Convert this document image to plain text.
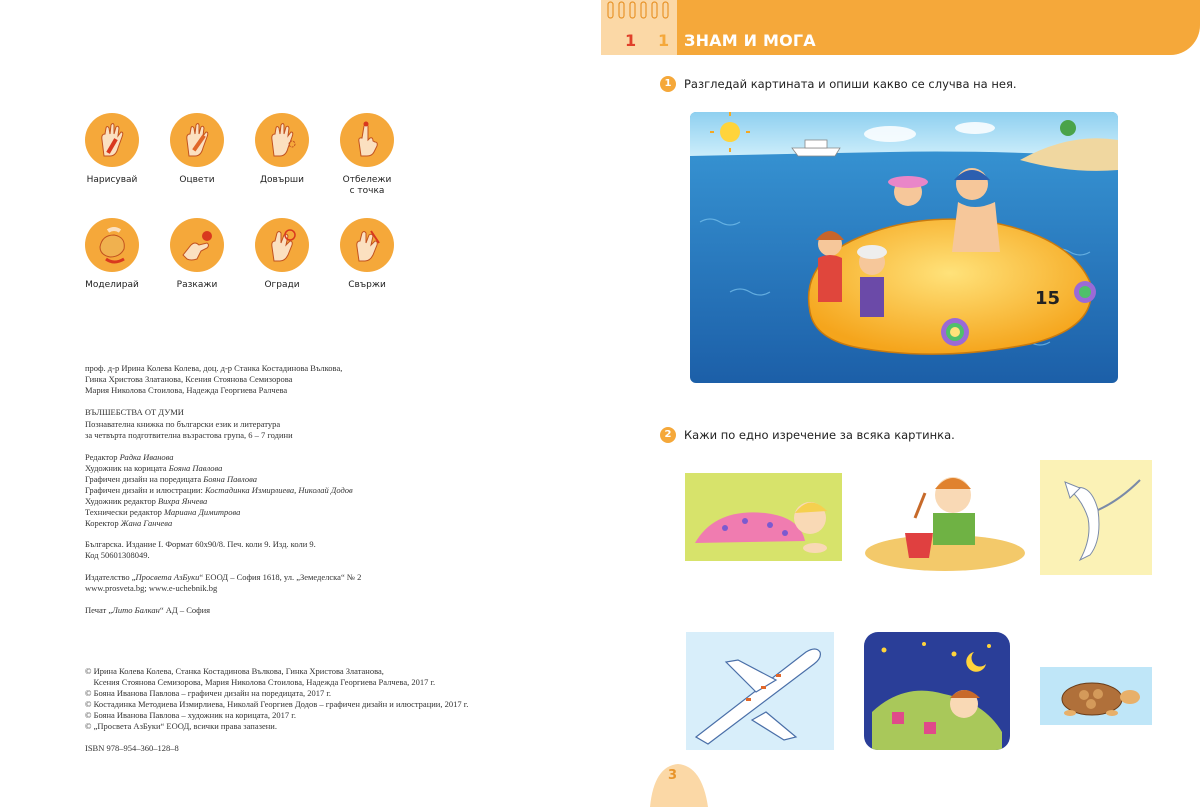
Нарисувай	Оцвети	Довърши	Отбележи
с точка
Моделирай	Разкажи	Огради	Свържи
проф. д-р Ирина Колева Колева, доц. д-р Станка Костадинова Вълкова,
Гинка Христова Златанова, Ксения Стоянова Семизорова
Мария Николова Стоилова, Надежда Георгиева Ралчева
ВЪЛШЕБСТВА ОТ ДУМИ
Познавателна книжка по български език и литература
за четвърта подготвителна възрастова група, 6 – 7 години
Редактор Радка Иванова
Художник на корицата Бояна Павлова
Графичен дизайн на поредицата Бояна Павлова
Графичен дизайн и илюстрации: Костадинка Измирлиева, Николай Додов
Художник редактор Вихра Янчева
Технически редактор Мариана Димитрова
Коректор Жана Ганчева
Българска. Издание I. Формат 60х90/8. Печ. коли 9. Изд. коли 9.
Код 50601308049.
Издателство „Просвета АзБуки“ ЕООД – София 1618, ул. „Земеделска“ № 2
www.prosveta.bg; www.e-uchebnik.bg
Печат „Лито Балкан“ АД – София
© Ирина Колева Колева, Станка Костадинова Вълкова, Гинка Христова Златанова,
Ксения Стоянова Семизорова, Мария Николова Стоилова, Надежда Георгиева Ралчева, 2017 г.
© Бояна Иванова Павлова – графичен дизайн на поредицата, 2017 г.
© Костадинка Методиева Измирлиева, Николай Георгиев Додов – графичен дизайн и илюстрации, 2017 г.
© Бояна Иванова Павлова – художник на корицата, 2017 г.
© „Просвета АзБуки“ ЕООД, всички права запазени.
ISBN 978–954–360–128–8
1 1 ЗНАМ И МОГА
1	Разгледай картината и опиши какво се случва на нея.
15
2	Кажи по едно изречение за всяка картинка.
3
